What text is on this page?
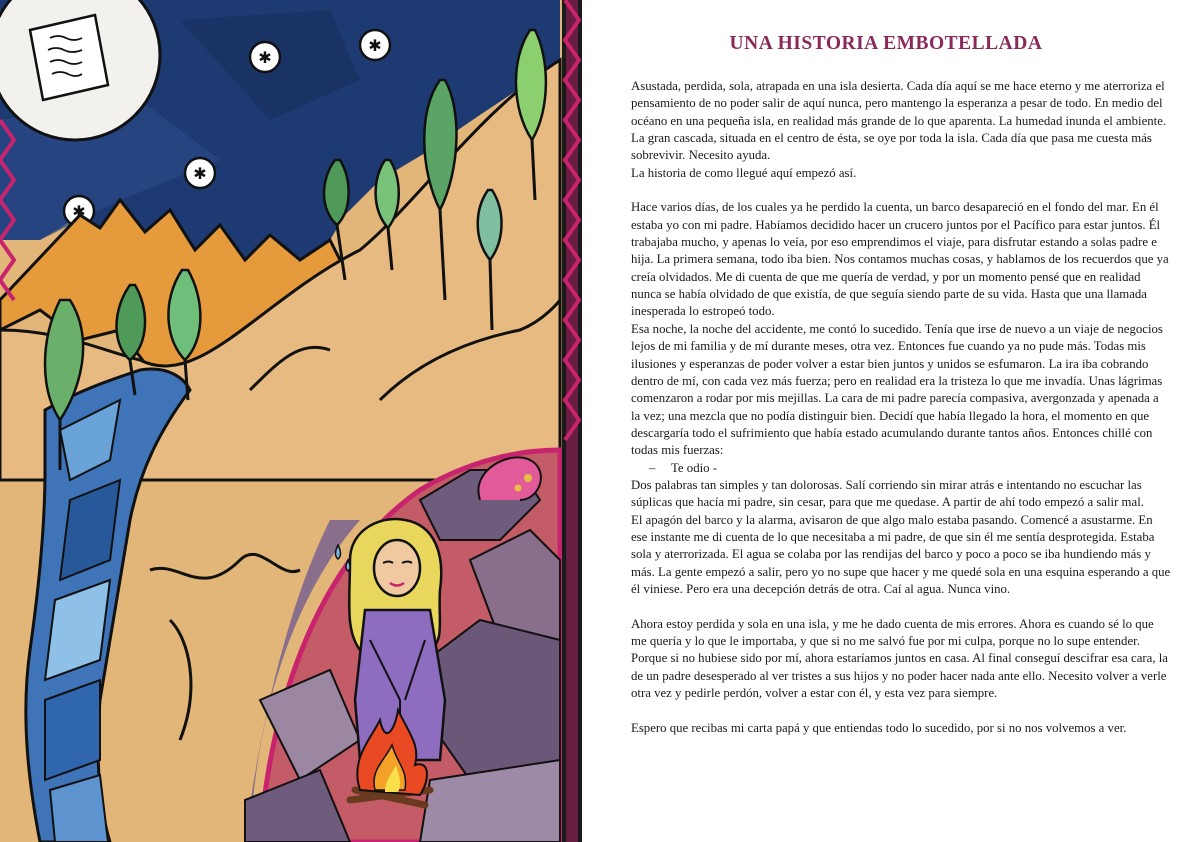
✱
✱
✱
✱
UNA HISTORIA EMBOTELLADA

Asustada, perdida, sola, atrapada en una isla desierta. Cada día aquí se me hace eterno y me aterroriza el pensamiento de no poder salir de aquí nunca, pero mantengo la esperanza a pesar de todo. En medio del océano en una pequeña isla, en realidad más grande de lo que aparenta. La humedad inunda el ambiente. La gran cascada, situada en el centro de ésta, se oye por toda la isla. Cada día que pasa me cuesta más sobrevivir. Necesito ayuda.

La historia de como llegué aquí empezó así.

Hace varios días, de los cuales ya he perdido la cuenta, un barco desapareció en el fondo del mar. En él estaba yo con mi padre. Habíamos decidido hacer un crucero juntos por el Pacífico para estar juntos. Él trabajaba mucho, y apenas lo veía, por eso emprendimos el viaje, para disfrutar estando a solas padre e hija. La primera semana, todo iba bien. Nos contamos muchas cosas, y hablamos de los recuerdos que ya creía olvidados. Me di cuenta de que me quería de verdad, y por un momento pensé que en realidad nunca se había olvidado de que existía, de que seguía siendo parte de su vida. Hasta que una llamada inesperada lo estropeó todo.

Esa noche, la noche del accidente, me contó lo sucedido. Tenía que irse de nuevo a un viaje de negocios lejos de mi familia y de mí durante meses, otra vez. Entonces fue cuando ya no pude más. Todas mis ilusiones y esperanzas de poder volver a estar bien juntos y unidos se esfumaron. La ira iba cobrando dentro de mí, con cada vez más fuerza; pero en realidad era la tristeza lo que me invadía. Unas lágrimas comenzaron a rodar por mis mejillas. La cara de mi padre parecía compasiva, avergonzada y apenada a la vez; una mezcla que no podía distinguir bien. Decidí que había llegado la hora, el momento en que descargaría todo el sufrimiento que había estado acumulando durante tantos años. Entonces chillé con todas mis fuerzas:

– Te odio -

Dos palabras tan simples y tan dolorosas. Salí corriendo sin mirar atrás e intentando no escuchar las súplicas que hacía mi padre, sin cesar, para que me quedase. A partir de ahí todo empezó a salir mal.

El apagón del barco y la alarma, avisaron de que algo malo estaba pasando. Comencé a asustarme. En ese instante me di cuenta de lo que necesitaba a mi padre, de que sin él me sentía desprotegida. Estaba sola y aterrorizada. El agua se colaba por las rendijas del barco y poco a poco se iba hundiendo más y más. La gente empezó a salir, pero yo no supe que hacer y me quedé sola en una esquina esperando a que él viniese. Pero era una decepción detrás de otra. Caí al agua. Nunca vino.

Ahora estoy perdida y sola en una isla, y me he dado cuenta de mis errores. Ahora es cuando sé lo que me quería y lo que le importaba, y que si no me salvó fue por mi culpa, porque no lo supe entender. Porque si no hubiese sido por mí, ahora estaríamos juntos en casa. Al final conseguí descifrar esa cara, la de un padre desesperado al ver tristes a sus hijos y no poder hacer nada ante ello. Necesito volver a verle otra vez y pedirle perdón, volver a estar con él, y esta vez para siempre.

Espero que recibas mi carta papá y que entiendas todo lo sucedido, por si no nos volvemos a ver.
